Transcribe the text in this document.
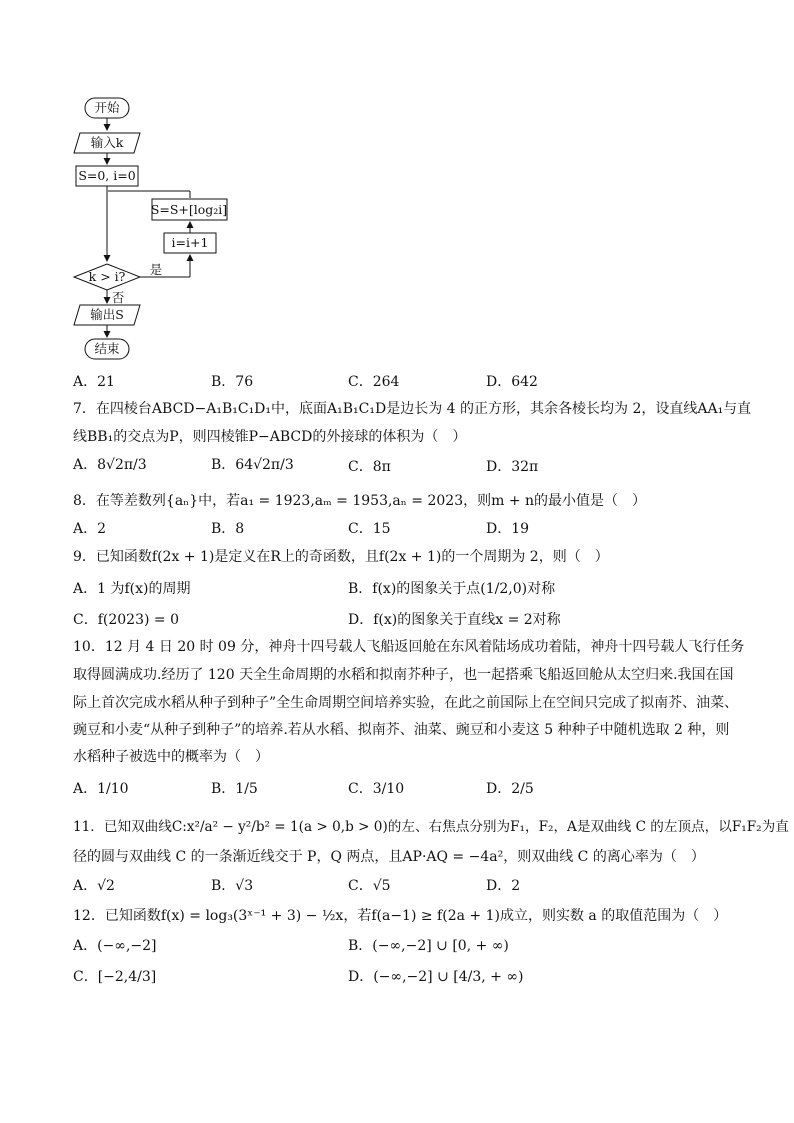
开始
输入k
S=0, i=0
S=S+[log₂i]
i=i+1
k > i? 是
否
输出S
结束
A．21	B．76	C．264	D．642
7．在四棱台ABCD−A₁B₁C₁D₁中，底面A₁B₁C₁D是边长为 4 的正方形，其余各棱长均为 2，设直线AA₁与直
线BB₁的交点为P，则四棱锥P−ABCD的外接球的体积为（　）
A．8√2π/3	B．64√2π/3	C．8π	D．32π
8．在等差数列{aₙ}中，若a₁ = 1923,aₘ = 1953,aₙ = 2023，则m + n的最小值是（　）
A．2	B．8	C．15	D．19
9．已知函数f(2x + 1)是定义在R上的奇函数，且f(2x + 1)的一个周期为 2，则（　）
A．1 为f(x)的周期	B．f(x)的图象关于点(1/2,0)对称
C．f(2023) = 0	D．f(x)的图象关于直线x = 2对称
10．12 月 4 日 20 时 09 分，神舟十四号载人飞船返回舱在东风着陆场成功着陆，神舟十四号载人飞行任务
取得圆满成功.经历了 120 天全生命周期的水稻和拟南芥种子，也一起搭乘飞船返回舱从太空归来.我国在国
际上首次完成水稻从种子到种子”全生命周期空间培养实验，在此之前国际上在空间只完成了拟南芥、油菜、
豌豆和小麦“从种子到种子”的培养.若从水稻、拟南芥、油菜、豌豆和小麦这 5 种种子中随机选取 2 种，则
水稻种子被选中的概率为（　）
A．1/10	B．1/5	C．3/10	D．2/5
11．已知双曲线C:x²/a² − y²/b² = 1(a > 0,b > 0)的左、右焦点分别为F₁，F₂，A是双曲线 C 的左顶点，以F₁F₂为直
径的圆与双曲线 C 的一条渐近线交于 P，Q 两点，且AP·AQ = −4a²，则双曲线 C 的离心率为（　）
A．√2	B．√3	C．√5	D．2
12．已知函数f(x) = log₃(3ˣ⁻¹ + 3) − ½x，若f(a−1) ≥ f(2a + 1)成立，则实数 a 的取值范围为（　）
A．(−∞,−2]	B．(−∞,−2] ∪ [0, + ∞)
C．[−2,4/3]	D．(−∞,−2] ∪ [4/3, + ∞)
